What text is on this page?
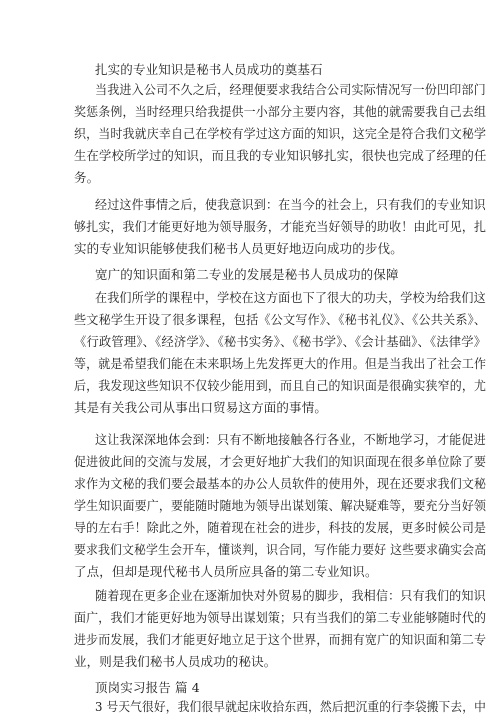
扎实的专业知识是秘书人员成功的奠基石
当我进入公司不久之后，经理便要求我结合公司实际情况写一份凹印部门
奖惩条例，当时经理只给我提供一小部分主要内容，其他的就需要我自己去组
织，当时我就庆幸自己在学校有学过这方面的知识，这完全是符合我们文秘学
生在学校所学过的知识，而且我的专业知识够扎实，很快也完成了经理的任
务。
经过这件事情之后，使我意识到：在当今的社会上，只有我们的专业知识
够扎实，我们才能更好地为领导服务，才能充当好领导的助收！由此可见，扎
实的专业知识能够使我们秘书人员更好地迈向成功的步伐。
宽广的知识面和第二专业的发展是秘书人员成功的保障
在我们所学的课程中，学校在这方面也下了很大的功夫，学校为给我们这
些文秘学生开设了很多课程，包括《公文写作》、《秘书礼仪》、《公共关系》、
《行政管理》、《经济学》、《秘书实务》、《秘书学》、《会计基础》、《法律学》
等，就是希望我们能在未来职场上先发挥更大的作用。但是当我出了社会工作
后，我发现这些知识不仅较少能用到，而且自己的知识面是很确实狭窄的，尤
其是有关我公司从事出口贸易这方面的事情。
这让我深深地体会到：只有不断地接触各行各业，不断地学习，才能促进
促进彼此间的交流与发展，才会更好地扩大我们的知识面现在很多单位除了要
求作为文秘的我们要会最基本的办公人员软件的使用外，现在还要求我们文秘
学生知识面要广，要能随时随地为领导出谋划策、解决疑难等，要充分当好领
导的左右手！除此之外，随着现在社会的进步，科技的发展，更多时候公司是
要求我们文秘学生会开车，懂谈判，识合同，写作能力要好 这些要求确实会高
了点，但却是现代秘书人员所应具备的第二专业知识。
随着现在更多企业在逐渐加快对外贸易的脚步，我相信：只有我们的知识
面广，我们才能更好地为领导出谋划策；只有当我们的第二专业能够随时代的
进步而发展，我们才能更好地立足于这个世界，而拥有宽广的知识面和第二专
业，则是我们秘书人员成功的秘诀。
顶岗实习报告 篇 4
3 号天气很好，我们很早就起床收拾东西，然后把沉重的行李袋搬下去，中
